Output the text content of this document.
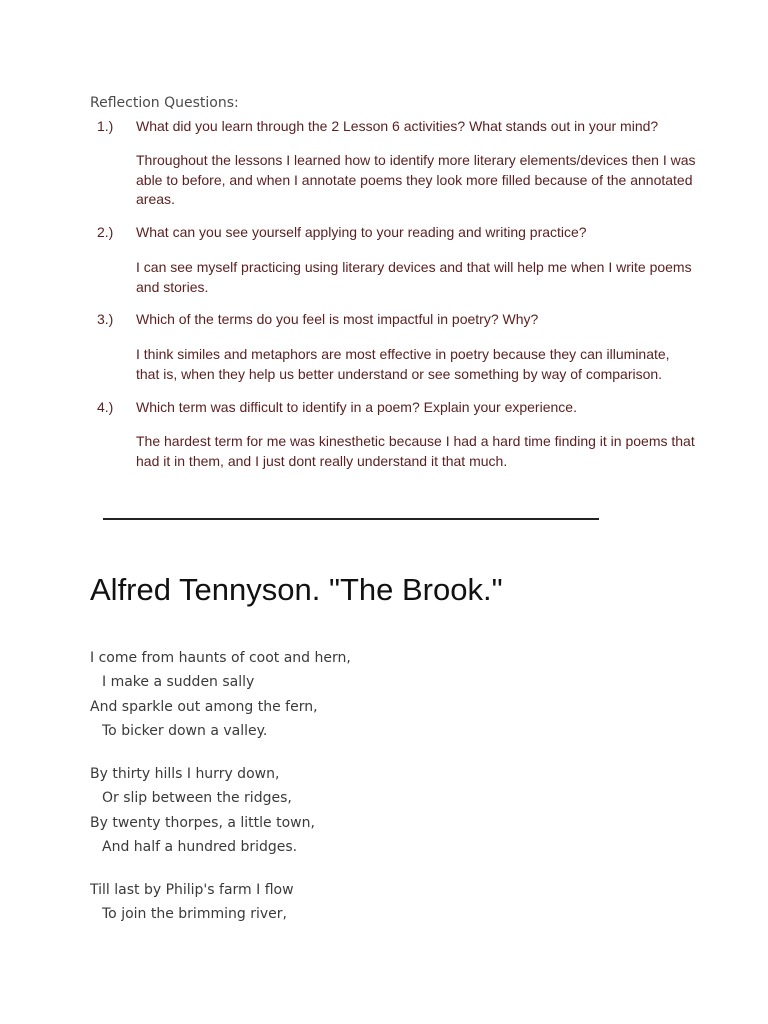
Reflection Questions:
1.) What did you learn through the 2 Lesson 6 activities? What stands out in your mind?
Throughout the lessons I learned how to identify more literary elements/devices then I was able to before, and when I annotate poems they look more filled because of the annotated areas.
2.) What can you see yourself applying to your reading and writing practice?
I can see myself practicing using literary devices and that will help me when I write poems and stories.
3.) Which of the terms do you feel is most impactful in poetry? Why?
I think similes and metaphors are most effective in poetry because they can illuminate, that is, when they help us better understand or see something by way of comparison.
4.) Which term was difficult to identify in a poem? Explain your experience.
The hardest term for me was kinesthetic because I had a hard time finding it in poems that had it in them, and I just dont really understand it that much.
Alfred Tennyson. "The Brook."
I come from haunts of coot and hern,
I make a sudden sally
And sparkle out among the fern,
To bicker down a valley.
By thirty hills I hurry down,
Or slip between the ridges,
By twenty thorpes, a little town,
And half a hundred bridges.
Till last by Philip's farm I flow
To join the brimming river,
